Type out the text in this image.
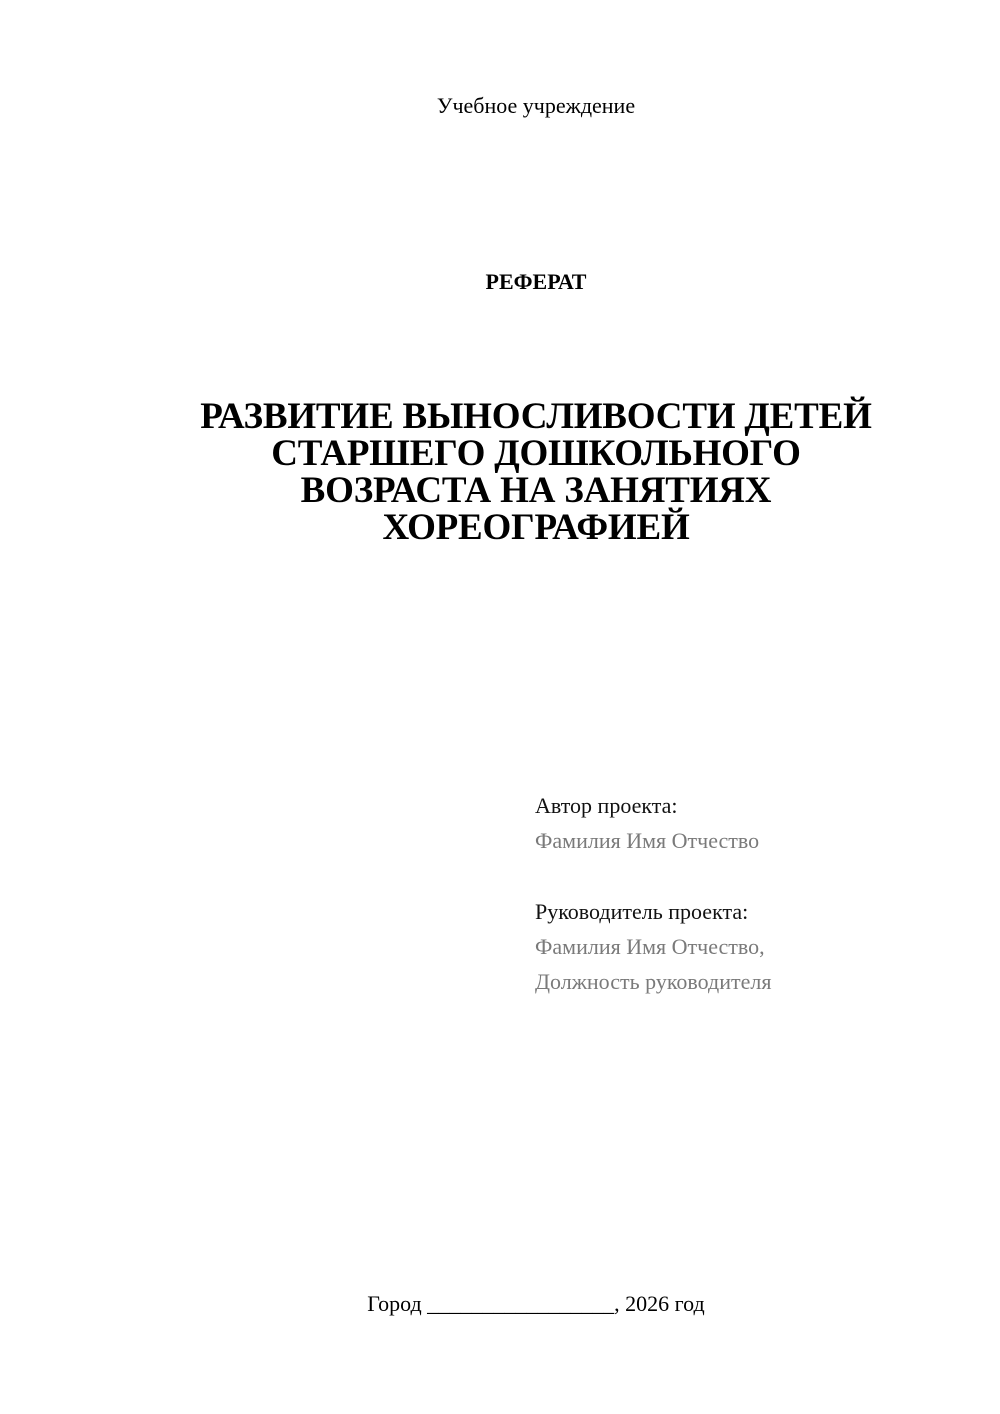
Учебное учреждение
РЕФЕРАТ
РАЗВИТИЕ ВЫНОСЛИВОСТИ ДЕТЕЙ
СТАРШЕГО ДОШКОЛЬНОГО
ВОЗРАСТА НА ЗАНЯТИЯХ
ХОРЕОГРАФИЕЙ
Автор проекта:
Фамилия Имя Отчество
Руководитель проекта:
Фамилия Имя Отчество,
Должность руководителя
Город _________________, 2026 год
